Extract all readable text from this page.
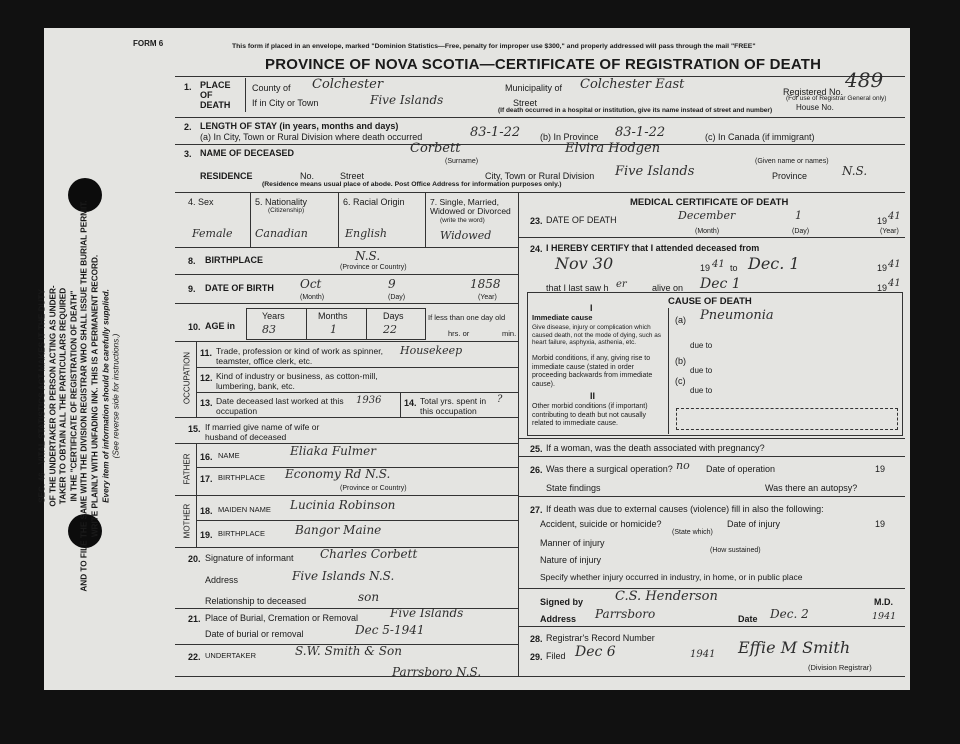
SEC. 46—VITAL STATISTICS ACT MAKES IT THE DUTY OF THE UNDERTAKER OR PERSON ACTING AS UNDER- TAKER TO OBTAIN ALL THE PARTICULARS REQUIRED IN THE "CERTIFICATE OF REGISTRATION OF DEATH" AND TO FILE THE SAME WITH THE DIVISION REGISTRAR WHO SHALL ISSUE THE BURIAL PERMIT. WRITE PLAINLY WITH UNFADING INK. THIS IS A PERMANENT RECORD. Every item of information should be carefully supplied. (See reverse side for instructions.)
FORM 6	This form if placed in an envelope, marked "Dominion Statistics—Free, penalty for improper use $300," and properly addressed will pass through the mail "FREE"
PROVINCE OF NOVA SCOTIA—CERTIFICATE OF REGISTRATION OF DEATH
1. PLACE OF DEATH
County of Colchester	Municipality of Colchester East	Registered No. 489
If in City or Town	Five Islands	Street	(For use of Registrar General only)
House No.
(If death occurred in a hospital or institution, give its name instead of street and number)
2. LENGTH OF STAY (in years, months and days)
(a) In City, Town or Rural Division where death occurred	83-1-22 (b) In Province 83-1-22	(c) In Canada (if immigrant)
3. NAME OF DECEASED	Corbett	Elvira Hodgen
(Surname)	(Given name or names)
RESIDENCE	No.	Street	City, Town or Rural Division Five Islands	Province	N.S.
(Residence means usual place of abode. Post Office Address for information purposes only.)
4. Sex
Female
5. Nationality
(Citizenship)
Canadian
6. Racial Origin
English
7. Single, Married, Widowed or Divorced
(write the word)
Widowed
8. BIRTHPLACE	N.S.
(Province or Country)
9. DATE OF BIRTH Oct	9	1858
(Month)	(Day)	(Year)
10. AGE in
Years	Months	Days
83	1	22
If less than one day old
hrs. or	min.
OCCUPATION 11. Trade, profession or kind of work as spinner, teamster, office clerk, etc.
Housekeep
12. Kind of industry or business, as cotton-mill, lumbering, bank, etc.
13. Date deceased last worked at this occupation
1936	14. Total yrs. spent in this occupation
?
15. If married give name of wife or husband of deceased
FATHER 16. NAME	Eliaka Fulmer
17. BIRTHPLACE Economy Rd N.S.
(Province or Country)
MOTHER 18. MAIDEN NAME Lucinia Robinson
19. BIRTHPLACE	Bangor Maine
20. Signature of informant Charles Corbett
Address	Five Islands N.S.
Relationship to deceased	son
21. Place of Burial, Cremation or Removal	Five Islands
Date of burial or removal	Dec 5-1941
22. UNDERTAKER	S.W. Smith & Son
Parrsboro N.S.
MEDICAL CERTIFICATE OF DEATH
23. DATE OF DEATH	December	1	19 41
(Month)	(Day)	(Year)
24. I HEREBY CERTIFY that I attended deceased from
Nov 30	19 41 to Dec. 1	19 41
that I last saw h er	alive on Dec 1	19 41
CAUSE OF DEATH
I
Immediate cause
Give disease, injury or complication which caused death, not the mode of dying, such as heart failure, asphyxia, asthenia, etc.
(a) Pneumonia
due to
Morbid conditions, if any, giving rise to immediate cause (stated in order proceeding backwards from immediate cause).
(b)
due to
(c)
due to
II
Other morbid conditions (if important) contributing to death but not causally related to immediate cause.
25. If a woman, was the death associated with pregnancy?
26. Was there a surgical operation? no Date of operation	19
State findings	Was there an autopsy?
27. If death was due to external causes (violence) fill in also the following:
Accident, suicide or homicide?
(State which)
Date of injury	19
Manner of injury
(How sustained)
Nature of injury
Specify whether injury occurred in industry, in home, or in public place
Signed by C.S. Henderson	M.D.
Address Parrsboro	Date Dec. 2	1941
28. Registrar's Record Number
29. Filed Dec 6	1941 Effie M Smith
(Division Registrar)
